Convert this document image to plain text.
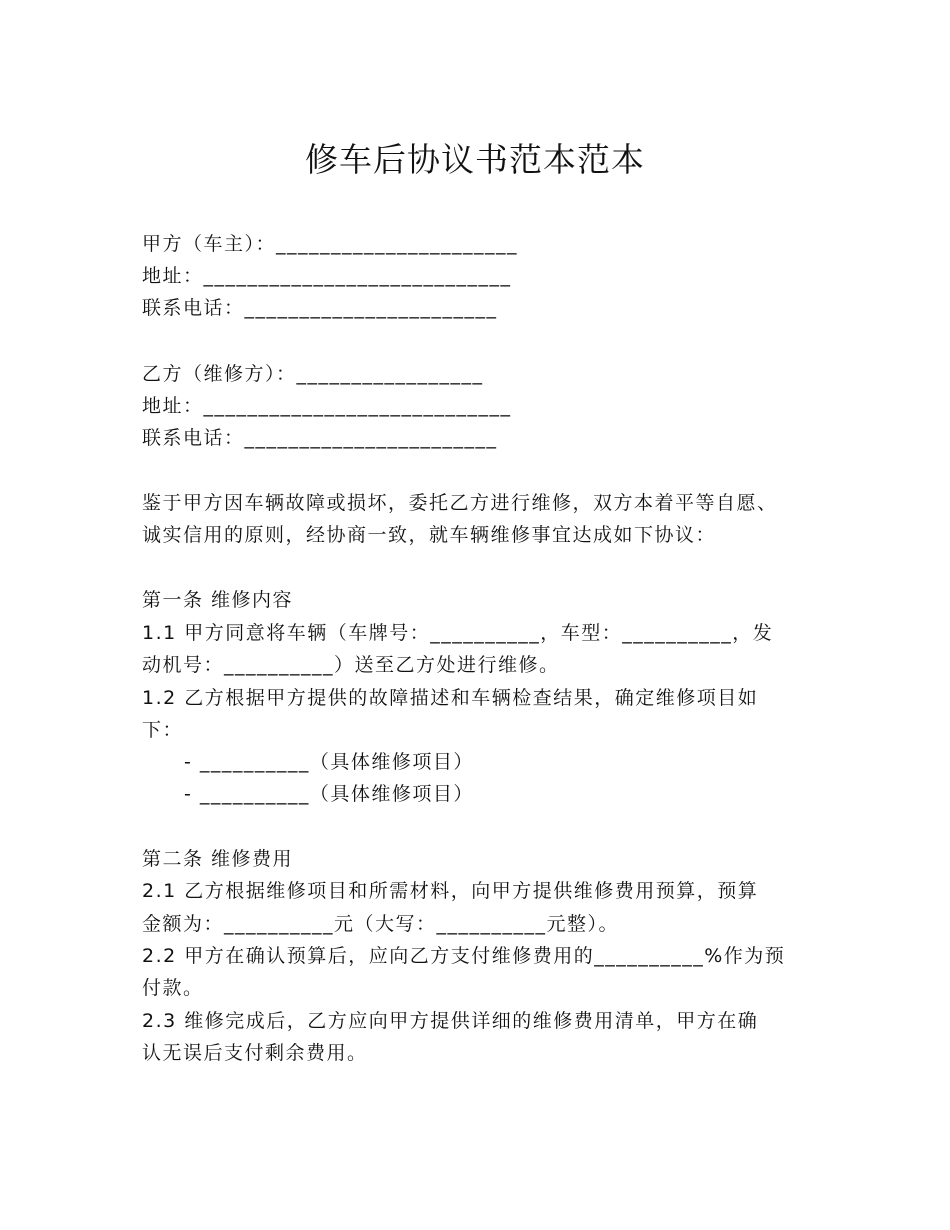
修车后协议书范本范本
甲方（车主）：______________________
地址：____________________________
联系电话：_______________________
乙方（维修方）：_________________
地址：____________________________
联系电话：_______________________
鉴于甲方因车辆故障或损坏，委托乙方进行维修，双方本着平等自愿、
诚实信用的原则，经协商一致，就车辆维修事宜达成如下协议：
第一条 维修内容
1.1 甲方同意将车辆（车牌号：__________，车型：__________，发
动机号：__________）送至乙方处进行维修。
1.2 乙方根据甲方提供的故障描述和车辆检查结果，确定维修项目如
下：
- __________（具体维修项目）
- __________（具体维修项目）
第二条 维修费用
2.1 乙方根据维修项目和所需材料，向甲方提供维修费用预算，预算
金额为：__________元（大写：__________元整）。
2.2 甲方在确认预算后，应向乙方支付维修费用的__________%作为预
付款。
2.3 维修完成后，乙方应向甲方提供详细的维修费用清单，甲方在确
认无误后支付剩余费用。
